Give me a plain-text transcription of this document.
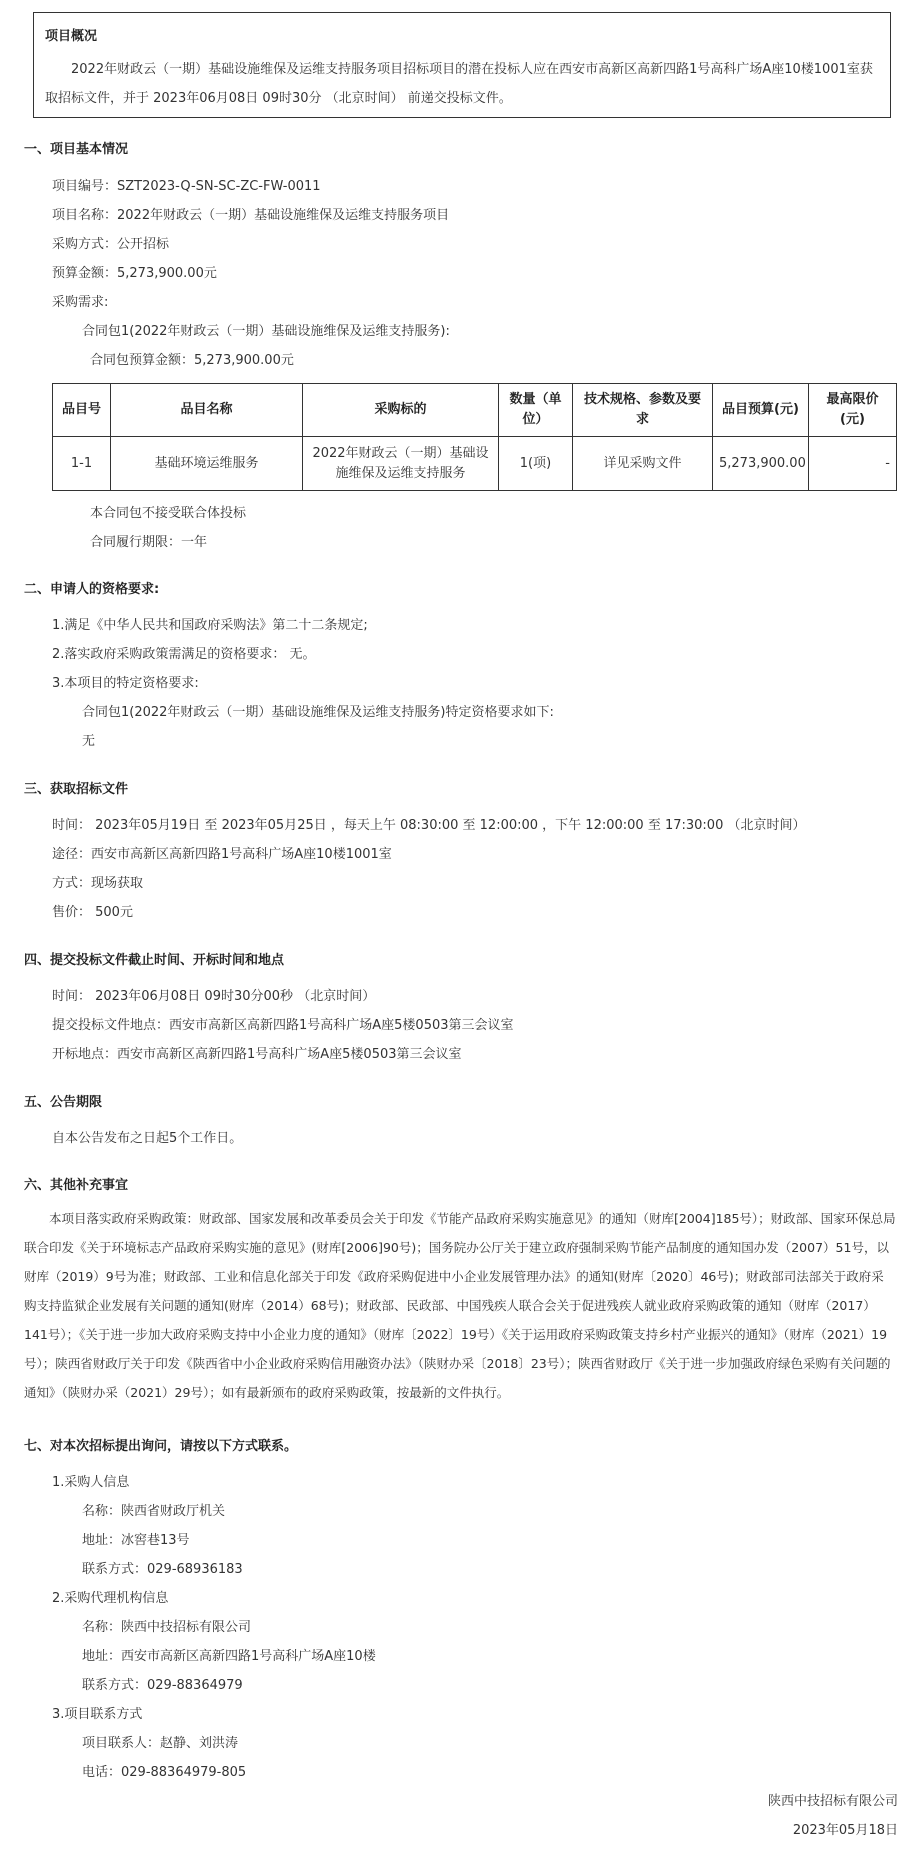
项目概况
2022年财政云（一期）基础设施维保及运维支持服务项目招标项目的潜在投标人应在西安市高新区高新四路1号高科广场A座10楼1001室获取招标文件，并于 2023年06月08日 09时30分 （北京时间） 前递交投标文件。
一、项目基本情况
项目编号：SZT2023-Q-SN-SC-ZC-FW-0011
项目名称：2022年财政云（一期）基础设施维保及运维支持服务项目
采购方式：公开招标
预算金额：5,273,900.00元
采购需求:
合同包1(2022年财政云（一期）基础设施维保及运维支持服务):
合同包预算金额：5,273,900.00元
品目号	品目名称	采购标的	数量（单位）	技术规格、参数及要求	品目预算(元)	最高限价(元)
1-1	基础环境运维服务	2022年财政云（一期）基础设施维保及运维支持服务	1(项)	详见采购文件	5,273,900.00	-
本合同包不接受联合体投标
合同履行期限：一年
二、申请人的资格要求:
1.满足《中华人民共和国政府采购法》第二十二条规定;
2.落实政府采购政策需满足的资格要求： 无。
3.本项目的特定资格要求:
合同包1(2022年财政云（一期）基础设施维保及运维支持服务)特定资格要求如下:
无
三、获取招标文件
时间： 2023年05月19日 至 2023年05月25日 ，每天上午 08:30:00 至 12:00:00 ，下午 12:00:00 至 17:30:00 （北京时间）
途径：西安市高新区高新四路1号高科广场A座10楼1001室
方式：现场获取
售价： 500元
四、提交投标文件截止时间、开标时间和地点
时间： 2023年06月08日 09时30分00秒 （北京时间）
提交投标文件地点：西安市高新区高新四路1号高科广场A座5楼0503第三会议室
开标地点：西安市高新区高新四路1号高科广场A座5楼0503第三会议室
五、公告期限
自本公告发布之日起5个工作日。
六、其他补充事宜
本项目落实政府采购政策：财政部、国家发展和改革委员会关于印发《节能产品政府采购实施意见》的通知（财库[2004]185号）；财政部、国家环保总局联合印发《关于环境标志产品政府采购实施的意见》(财库[2006]90号)；国务院办公厅关于建立政府强制采购节能产品制度的通知国办发（2007）51号，以财库（2019）9号为准；财政部、工业和信息化部关于印发《政府采购促进中小企业发展管理办法》的通知(财库〔2020〕46号)；财政部司法部关于政府采购支持监狱企业发展有关问题的通知(财库（2014）68号)；财政部、民政部、中国残疾人联合会关于促进残疾人就业政府采购政策的通知（财库（2017）141号）；《关于进一步加大政府采购支持中小企业力度的通知》（财库〔2022〕19号）《关于运用政府采购政策支持乡村产业振兴的通知》（财库（2021）19 号）；陕西省财政厅关于印发《陕西省中小企业政府采购信用融资办法》（陕财办采〔2018〕23号）；陕西省财政厅《关于进一步加强政府绿色采购有关问题的通知》（陕财办采（2021）29号）；如有最新颁布的政府采购政策，按最新的文件执行。
七、对本次招标提出询问，请按以下方式联系。
1.采购人信息
名称：陕西省财政厅机关
地址：冰窖巷13号
联系方式：029-68936183
2.采购代理机构信息
名称：陕西中技招标有限公司
地址：西安市高新区高新四路1号高科广场A座10楼
联系方式：029-88364979
3.项目联系方式
项目联系人：赵静、刘洪涛
电话：029-88364979-805
陕西中技招标有限公司
2023年05月18日
